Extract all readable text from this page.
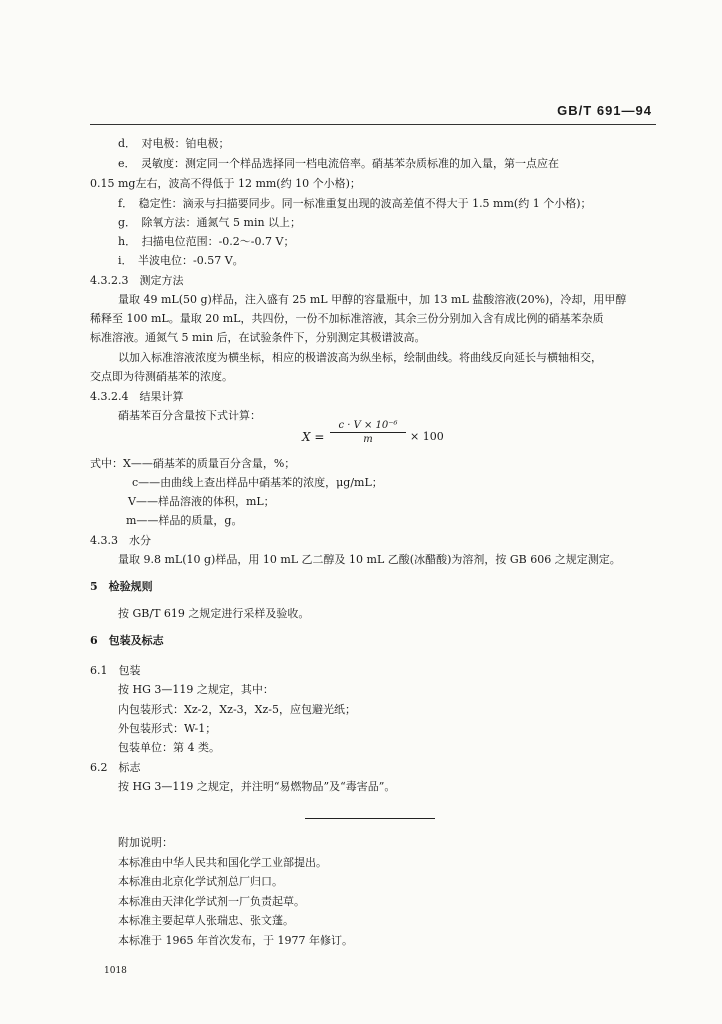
GB/T 691—94
d．　对电极：铂电极；
e．　灵敏度：测定同一个样品选择同一档电流倍率。硝基苯杂质标准的加入量，第一点应在
0.15 mg左右，波高不得低于 12 mm(约 10 个小格)；
f．　稳定性：滴汞与扫描要同步。同一标准重复出现的波高差值不得大于 1.5 mm(约 1 个小格)；
g．　除氧方法：通氮气 5 min 以上；
h．　扫描电位范围：-0.2～-0.7 V；
i．　半波电位：-0.57 V。
4.3.2.3　测定方法
量取 49 mL(50 g)样品，注入盛有 25 mL 甲醇的容量瓶中，加 13 mL 盐酸溶液(20%)，冷却，用甲醇
稀释至 100 mL。量取 20 mL，共四份，一份不加标准溶液，其余三份分别加入含有成比例的硝基苯杂质
标准溶液。通氮气 5 min 后，在试验条件下，分别测定其极谱波高。
以加入标准溶液浓度为横坐标，相应的极谱波高为纵坐标，绘制曲线。将曲线反向延长与横轴相交，
交点即为待测硝基苯的浓度。
4.3.2.4　结果计算
硝基苯百分含量按下式计算：
$X = \frac{\text{c · V × 10⁻⁶}}{m} \times 100$
式中：X——硝基苯的质量百分含量，%；
c——由曲线上查出样品中硝基苯的浓度，μg/mL；
V——样品溶液的体积，mL；
m——样品的质量，g。
4.3.3　水分
量取 9.8 mL(10 g)样品，用 10 mL 乙二醇及 10 mL 乙酸(冰醋酸)为溶剂，按 GB 606 之规定测定。
5　检验规则
按 GB/T 619 之规定进行采样及验收。
6　包装及标志
6.1　包装
按 HG 3—119 之规定，其中：
内包装形式：Xz-2，Xz-3，Xz-5，应包避光纸；
外包装形式：W-1；
包装单位：第 4 类。
6.2　标志
按 HG 3—119 之规定，并注明“易燃物品”及“毒害品”。
附加说明：
本标准由中华人民共和国化学工业部提出。
本标准由北京化学试剂总厂归口。
本标准由天津化学试剂一厂负责起草。
本标准主要起草人张瑞忠、张文蓬。
本标准于 1965 年首次发布，于 1977 年修订。
1018
